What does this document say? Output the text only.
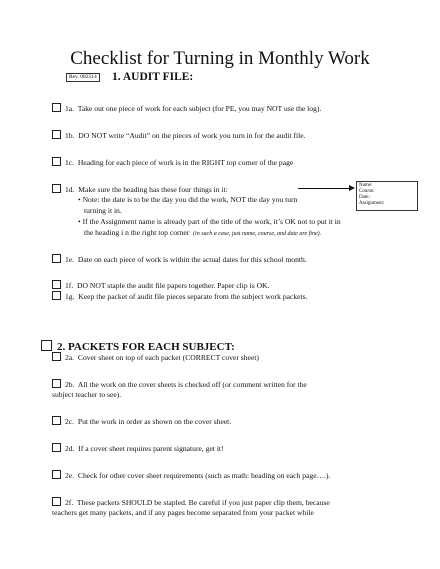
Checklist for Turning in Monthly Work
Rev. 082514 1. AUDIT FILE:
1a. Take out one piece of work for each subject (for PE, you may NOT use the log).
1b. DO NOT write “Audit” on the pieces of work you turn in for the audit file.
1c. Heading for each piece of work is in the RIGHT top corner of the page
1d. Make sure the heading has these four things in it:	Name:
Course:
Date:
Assignment:
• Note: the date is to be the day you did the work, NOT the day you turn
turning it in.
• If the Assignment name is already part of the title of the work, it’s OK not to put it in
the heading i n the right top corner (in such a case, just name, course, and date are fine).
1e. Date on each piece of work is within the actual dates for this school month.
1f. DO NOT staple the audit file papers together. Paper clip is OK.
1g. Keep the packet of audit file pieces separate from the subject work packets.
2. PACKETS FOR EACH SUBJECT:
2a. Cover sheet on top of each packet (CORRECT cover sheet)
2b. All the work on the cover sheets is checked off (or comment written for the
subject teacher to see).
2c. Put the work in order as shown on the cover sheet.
2d. If a cover sheet requires parent signature, get it!
2e. Check for other cover sheet requirements (such as math: heading on each page….).
2f. These packets SHOULD be stapled. Be careful if you just paper clip them, because
teachers get many packets, and if any pages become separated from your packet while
